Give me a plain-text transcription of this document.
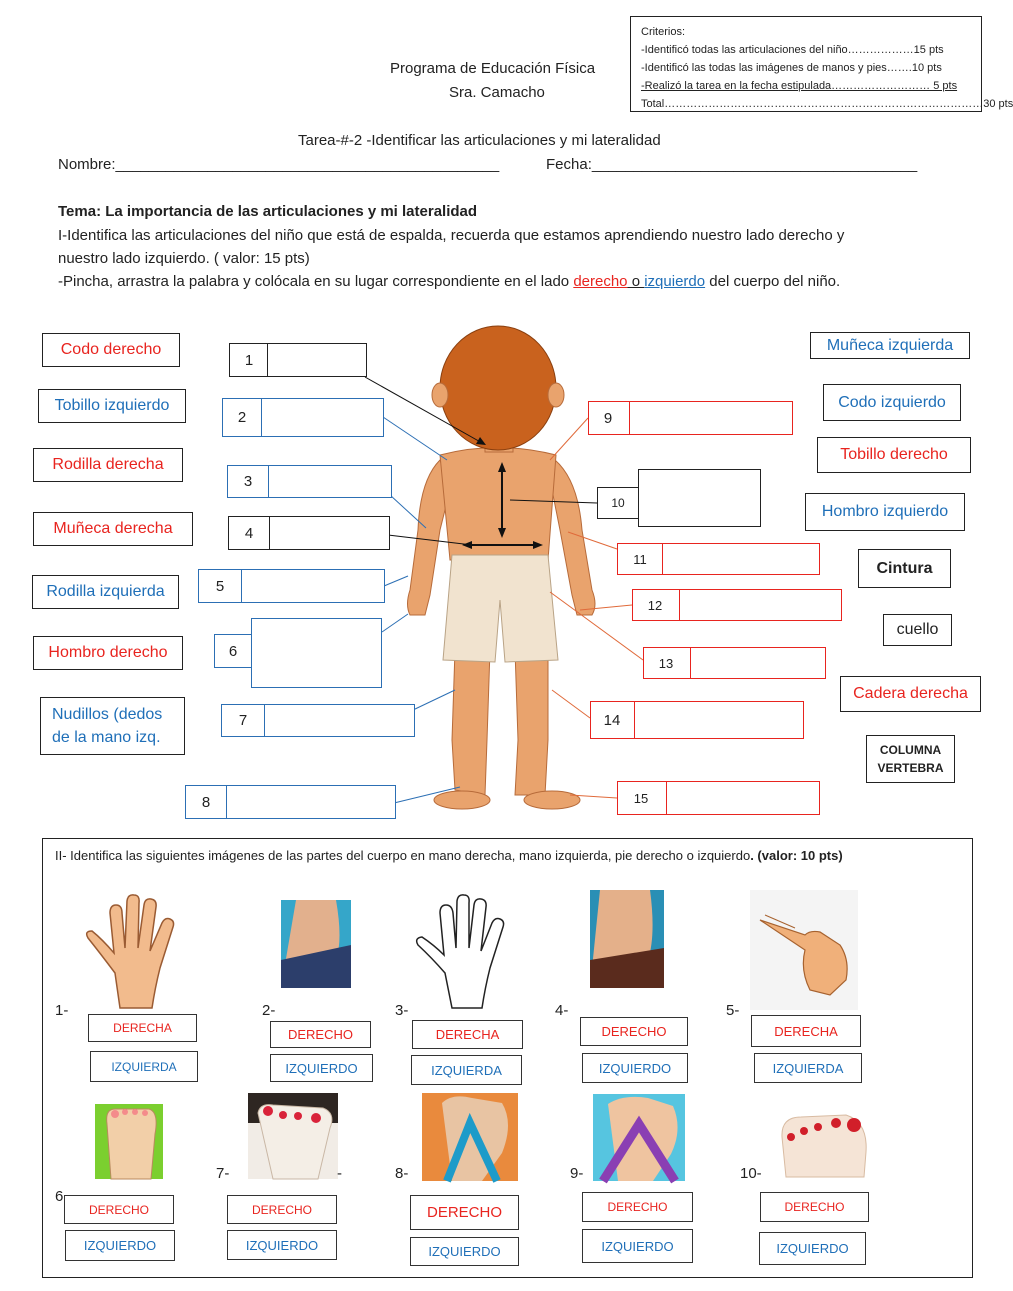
Programa de Educación Física
Sra. Camacho
Criterios:
-Identificó todas las articulaciones del niño………………15 pts
-Identificó las todas las imágenes de manos y pies…….10 pts
-Realizó la tarea en la fecha estipulada……………………… 5 pts
Total……………………………………………………………………………30 pts
Tarea-#-2 -Identificar las articulaciones y mi lateralidad
Nombre:______________________________________________	Fecha:_______________________________________
Tema: La importancia de las articulaciones y mi lateralidad
I-Identifica las articulaciones del niño que está de espalda, recuerda que estamos aprendiendo nuestro lado derecho y
nuestro lado izquierdo. ( valor: 15 pts)
-Pincha, arrastra la palabra y colócala en su lugar correspondiente en el lado derecho o izquierdo del cuerpo del niño.
Codo derecho
Tobillo izquierdo
Rodilla derecha
Muñeca derecha
Rodilla izquierda
Hombro derecho
Nudillos (dedos
de la mano izq.
Muñeca izquierda
Codo izquierdo
Tobillo derecho
Hombro izquierdo
Cintura
cuello
Cadera derecha
COLUMNA
VERTEBRA
1
2
3
4
5
6
7
8
9
10
11
12
13
14
15
II- Identifica las siguientes imágenes de las partes del cuerpo en mano derecha, mano izquierda, pie derecho o izquierdo. (valor: 10 pts)
1-	2-	3-	4-	5-
DERECHA
IZQUIERDA
DERECHO
IZQUIERDO
DERECHA
IZQUIERDA
DERECHO
IZQUIERDO
DERECHA
IZQUIERDA
6
7-	-	8-	9-	10-
DERECHO
IZQUIERDO
DERECHO
IZQUIERDO
DERECHO
IZQUIERDO
DERECHO
IZQUIERDO
DERECHO
IZQUIERDO
